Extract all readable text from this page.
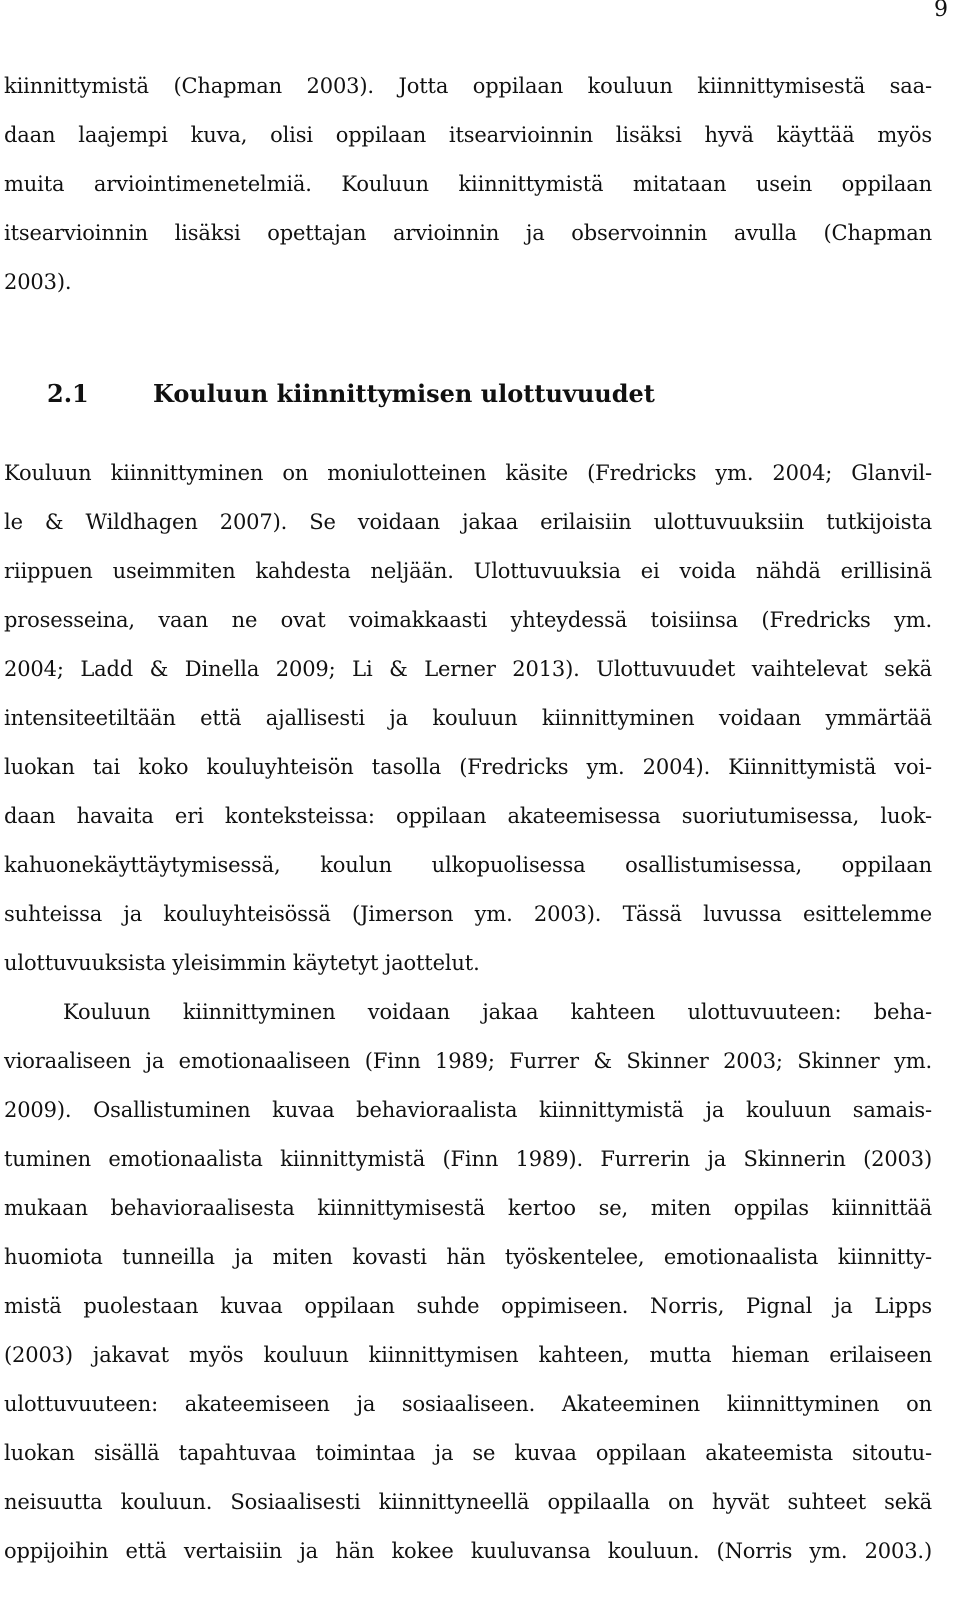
9
kiinnittymistä (Chapman 2003). Jotta oppilaan kouluun kiinnittymisestä saa-
daan laajempi kuva, olisi oppilaan itsearvioinnin lisäksi hyvä käyttää myös
muita arviointimenetelmiä. Kouluun kiinnittymistä mitataan usein oppilaan
itsearvioinnin lisäksi opettajan arvioinnin ja observoinnin avulla (Chapman
2003).
2.1	Kouluun kiinnittymisen ulottuvuudet
Kouluun kiinnittyminen on moniulotteinen käsite (Fredricks ym. 2004; Glanvil-
le & Wildhagen 2007). Se voidaan jakaa erilaisiin ulottuvuuksiin tutkijoista
riippuen useimmiten kahdesta neljään. Ulottuvuuksia ei voida nähdä erillisinä
prosesseina, vaan ne ovat voimakkaasti yhteydessä toisiinsa (Fredricks ym.
2004; Ladd & Dinella 2009; Li & Lerner 2013). Ulottuvuudet vaihtelevat sekä
intensiteetiltään että ajallisesti ja kouluun kiinnittyminen voidaan ymmärtää
luokan tai koko kouluyhteisön tasolla (Fredricks ym. 2004). Kiinnittymistä voi-
daan havaita eri konteksteissa: oppilaan akateemisessa suoriutumisessa, luok-
kahuonekäyttäytymisessä, koulun ulkopuolisessa osallistumisessa, oppilaan
suhteissa ja kouluyhteisössä (Jimerson ym. 2003). Tässä luvussa esittelemme
ulottuvuuksista yleisimmin käytetyt jaottelut.
Kouluun kiinnittyminen voidaan jakaa kahteen ulottuvuuteen: beha-
vioraaliseen ja emotionaaliseen (Finn 1989; Furrer & Skinner 2003; Skinner ym.
2009). Osallistuminen kuvaa behavioraalista kiinnittymistä ja kouluun samais-
tuminen emotionaalista kiinnittymistä (Finn 1989). Furrerin ja Skinnerin (2003)
mukaan behavioraalisesta kiinnittymisestä kertoo se, miten oppilas kiinnittää
huomiota tunneilla ja miten kovasti hän työskentelee, emotionaalista kiinnitty-
mistä puolestaan kuvaa oppilaan suhde oppimiseen. Norris, Pignal ja Lipps
(2003) jakavat myös kouluun kiinnittymisen kahteen, mutta hieman erilaiseen
ulottuvuuteen: akateemiseen ja sosiaaliseen. Akateeminen kiinnittyminen on
luokan sisällä tapahtuvaa toimintaa ja se kuvaa oppilaan akateemista sitoutu-
neisuutta kouluun. Sosiaalisesti kiinnittyneellä oppilaalla on hyvät suhteet sekä
oppijoihin että vertaisiin ja hän kokee kuuluvansa kouluun. (Norris ym. 2003.)
